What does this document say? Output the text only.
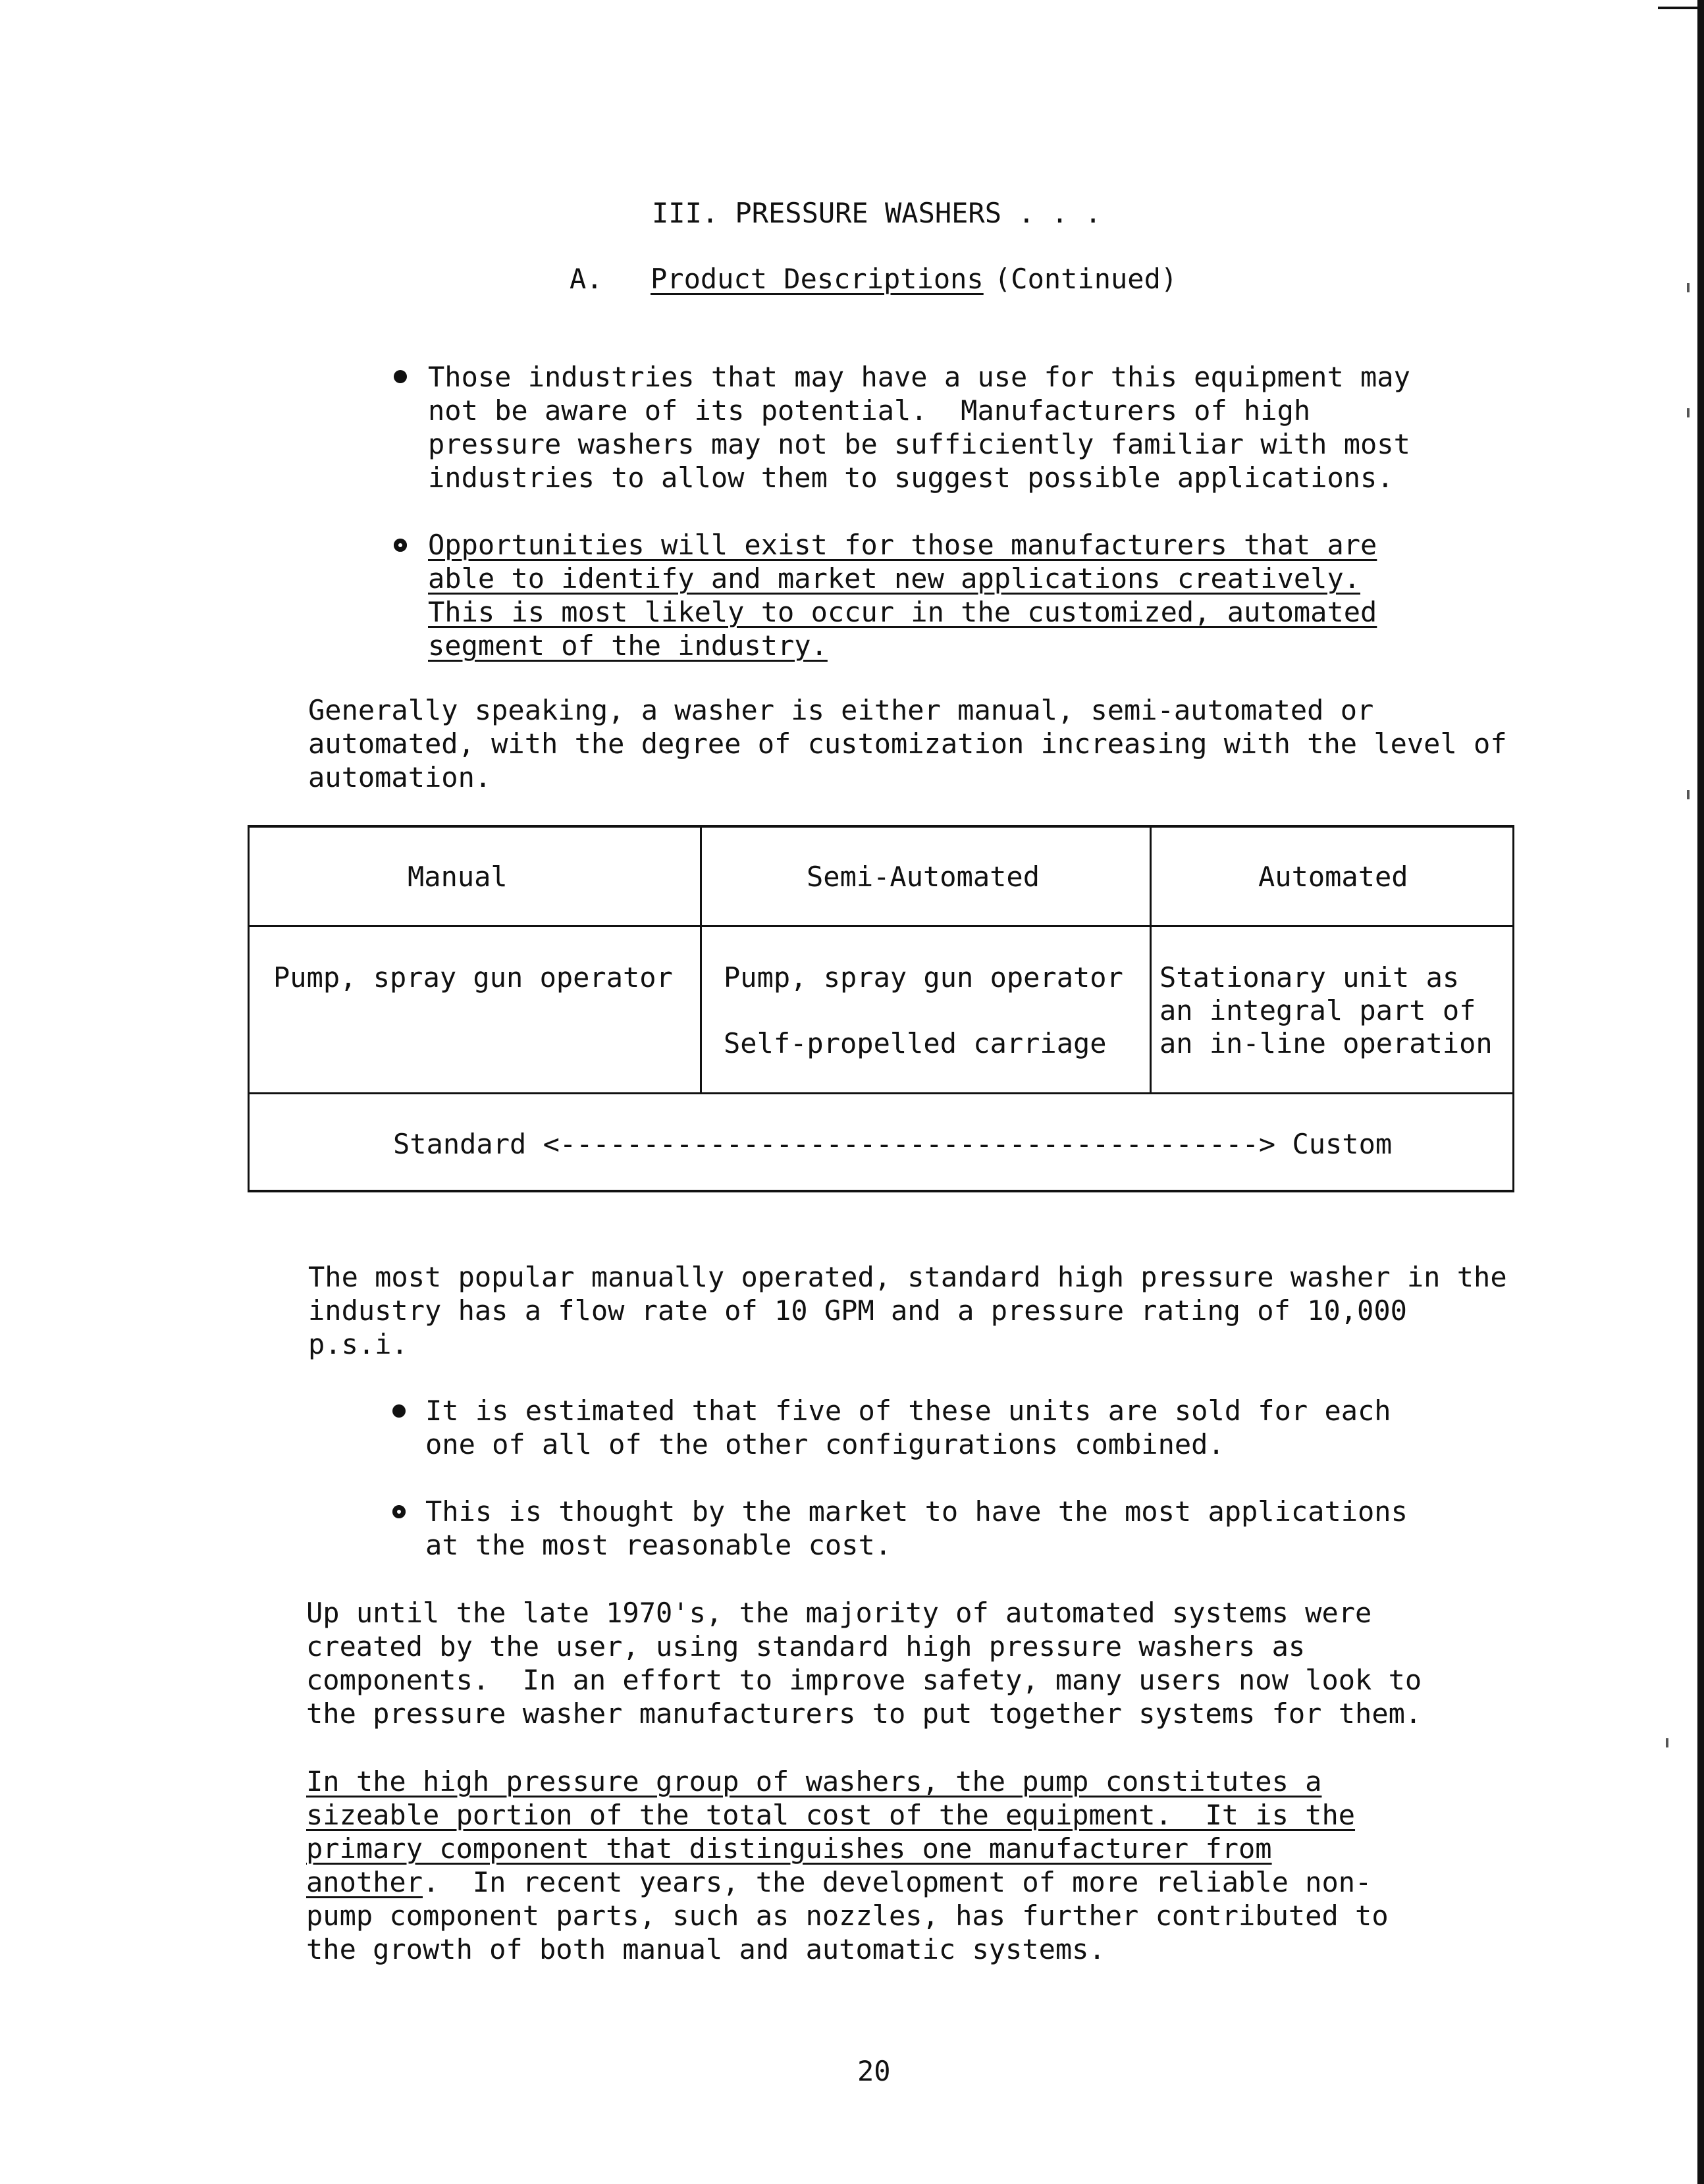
III. PRESSURE WASHERS . . .
A. Product Descriptions (Continued)
Those industries that may have a use for this equipment may
not be aware of its potential.  Manufacturers of high
pressure washers may not be sufficiently familiar with most
industries to allow them to suggest possible applications.
Opportunities will exist for those manufacturers that are
able to identify and market new applications creatively.
This is most likely to occur in the customized, automated
segment of the industry.
Generally speaking, a washer is either manual, semi-automated or
automated, with the degree of customization increasing with the level of
automation.
Manual	Semi-Automated	Automated
Pump, spray gun operator Pump, spray gun operator
Self-propelled carriage
Stationary unit as
an integral part of
an in-line operation
Standard <------------------------------------------> Custom
The most popular manually operated, standard high pressure washer in the
industry has a flow rate of 10 GPM and a pressure rating of 10,000
p.s.i.
It is estimated that five of these units are sold for each
one of all of the other configurations combined.
This is thought by the market to have the most applications
at the most reasonable cost.
Up until the late 1970's, the majority of automated systems were
created by the user, using standard high pressure washers as
components.  In an effort to improve safety, many users now look to
the pressure washer manufacturers to put together systems for them.
In the high pressure group of washers, the pump constitutes a
sizeable portion of the total cost of the equipment.  It is the
primary component that distinguishes one manufacturer from
another.  In recent years, the development of more reliable non-
pump component parts, such as nozzles, has further contributed to
the growth of both manual and automatic systems.
20
